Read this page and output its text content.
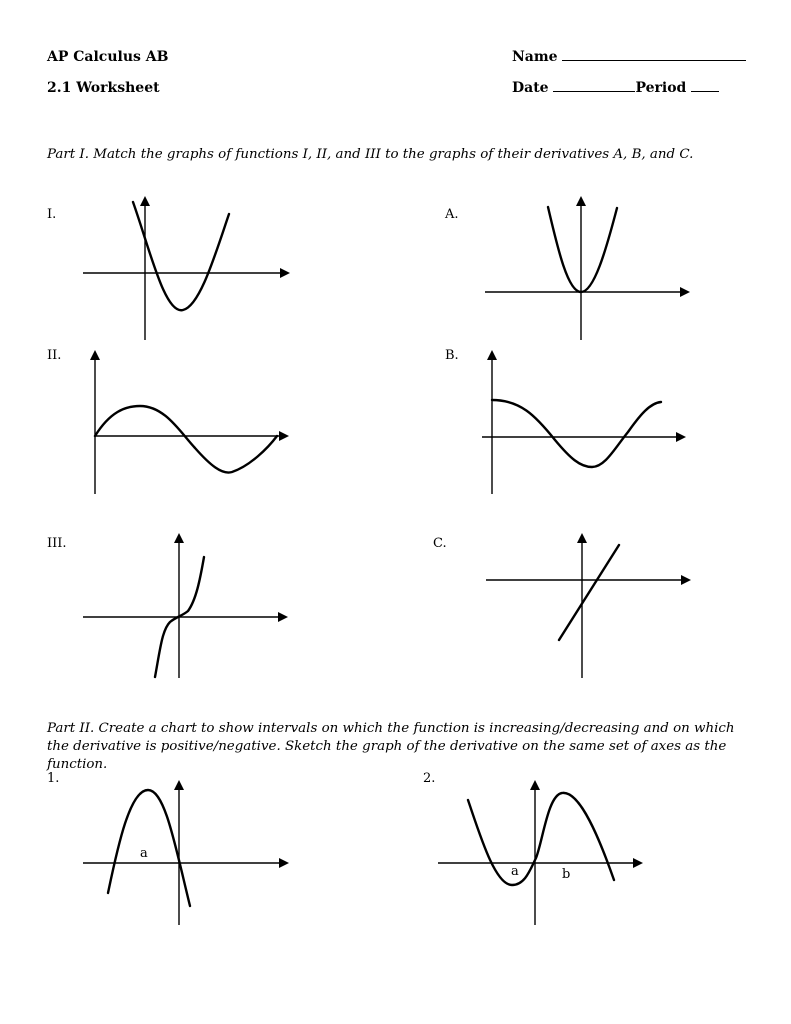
AP Calculus AB
2.1 Worksheet
Name
Date	Period
Part I. Match the graphs of functions I, II, and III to the graphs of their derivatives A, B, and C.
I.
II.
III.
A.
B.
C.
Part II. Create a chart to show intervals on which the function is increasing/decreasing and on which the derivative is positive/negative. Sketch the graph of the derivative on the same set of axes as the function.
1.	2.
a
a	b
